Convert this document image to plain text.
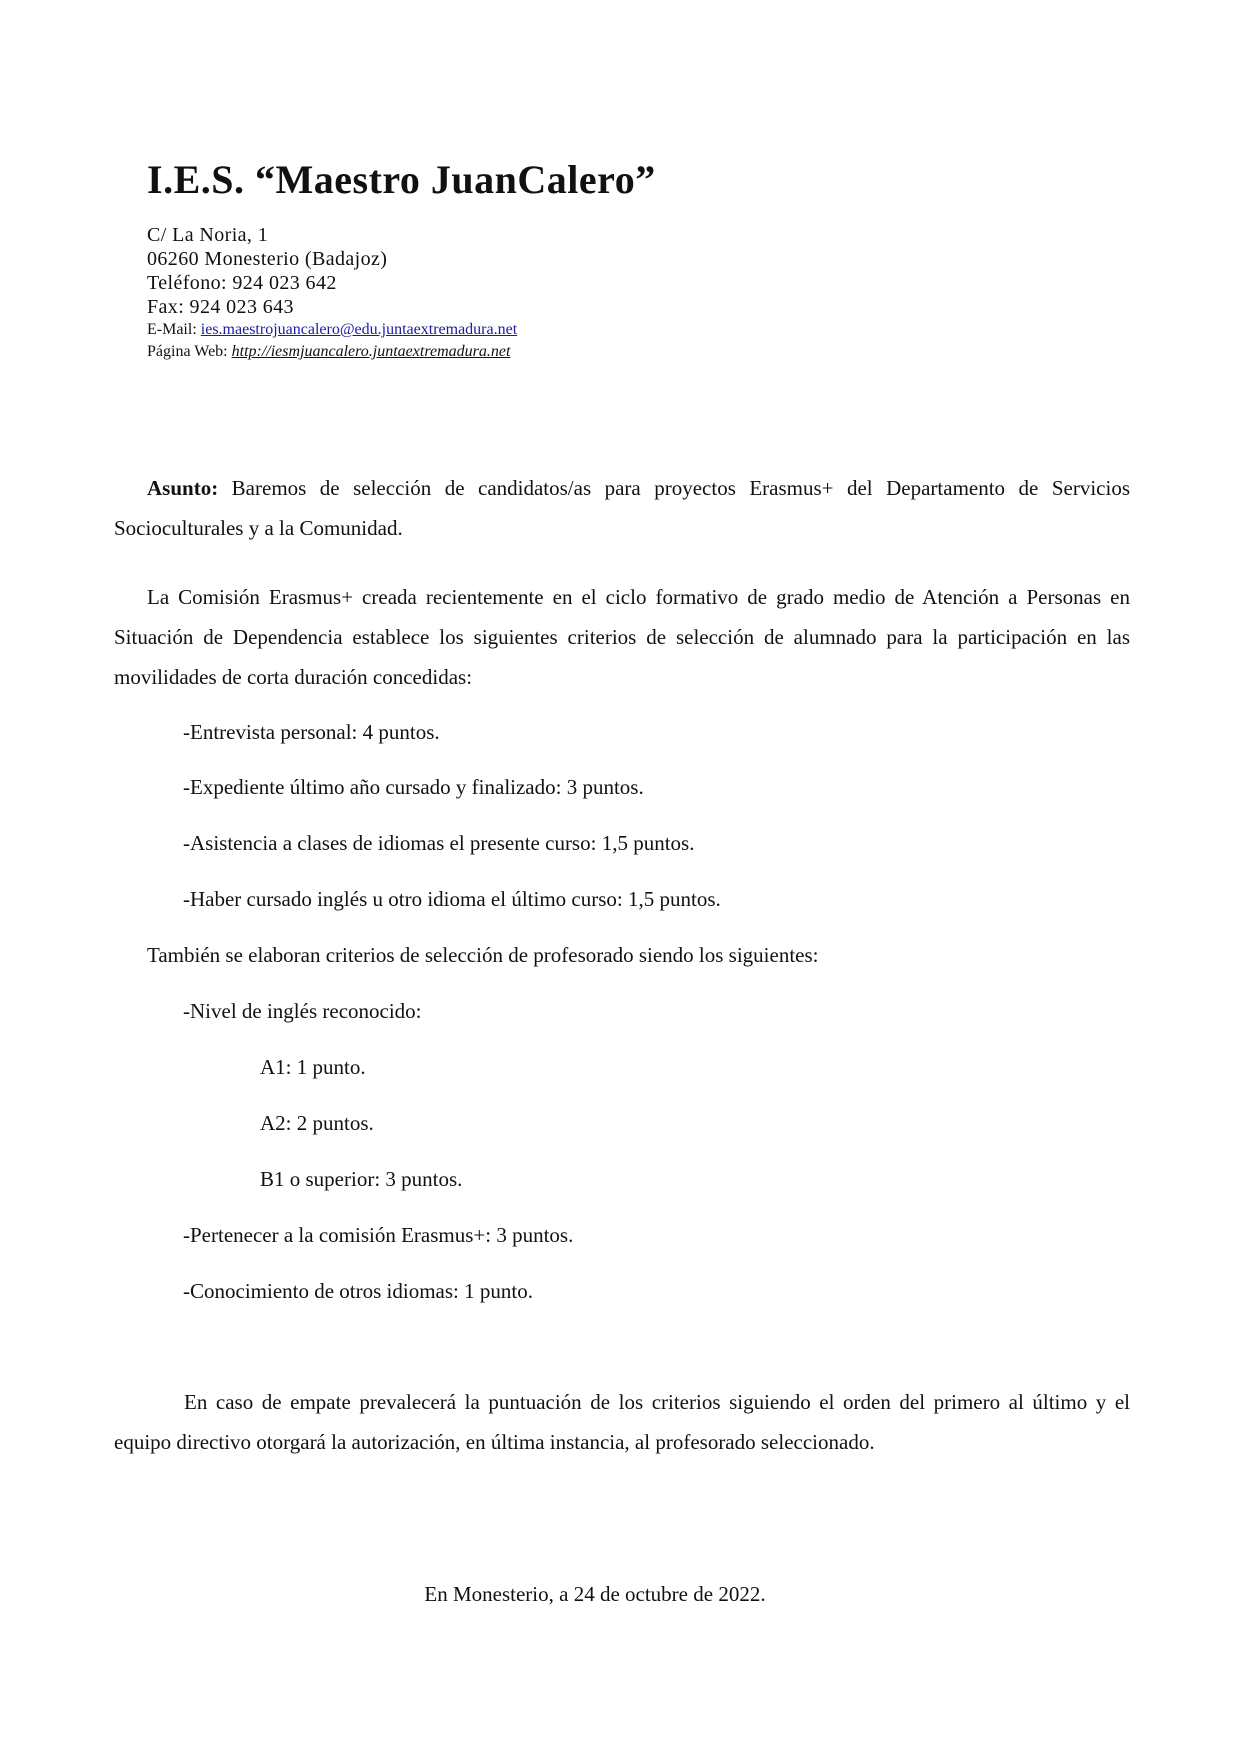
I.E.S. “Maestro JuanCalero”
C/ La Noria, 1
06260 Monesterio (Badajoz)
Teléfono: 924 023 642
Fax: 924 023 643
E-Mail: ies.maestrojuancalero@edu.juntaextremadura.net
Página Web: http://iesmjuancalero.juntaextremadura.net
Asunto: Baremos de selección de candidatos/as para proyectos Erasmus+ del Departamento de Servicios Socioculturales y a la Comunidad.
La Comisión Erasmus+ creada recientemente en el ciclo formativo de grado medio de Atención a Personas en Situación de Dependencia establece los siguientes criterios de selección de alumnado para la participación en las movilidades de corta duración concedidas:
-Entrevista personal: 4 puntos.
-Expediente último año cursado y finalizado: 3 puntos.
-Asistencia a clases de idiomas el presente curso: 1,5 puntos.
-Haber cursado inglés u otro idioma el último curso: 1,5 puntos.
También se elaboran criterios de selección de profesorado siendo los siguientes:
-Nivel de inglés reconocido:
A1: 1 punto.
A2: 2 puntos.
B1 o superior: 3 puntos.
-Pertenecer a la comisión Erasmus+: 3 puntos.
-Conocimiento de otros idiomas: 1 punto.
En caso de empate prevalecerá la puntuación de los criterios siguiendo el orden del primero al último y el equipo directivo otorgará la autorización, en última instancia, al profesorado seleccionado.
En Monesterio, a 24 de octubre de 2022.
